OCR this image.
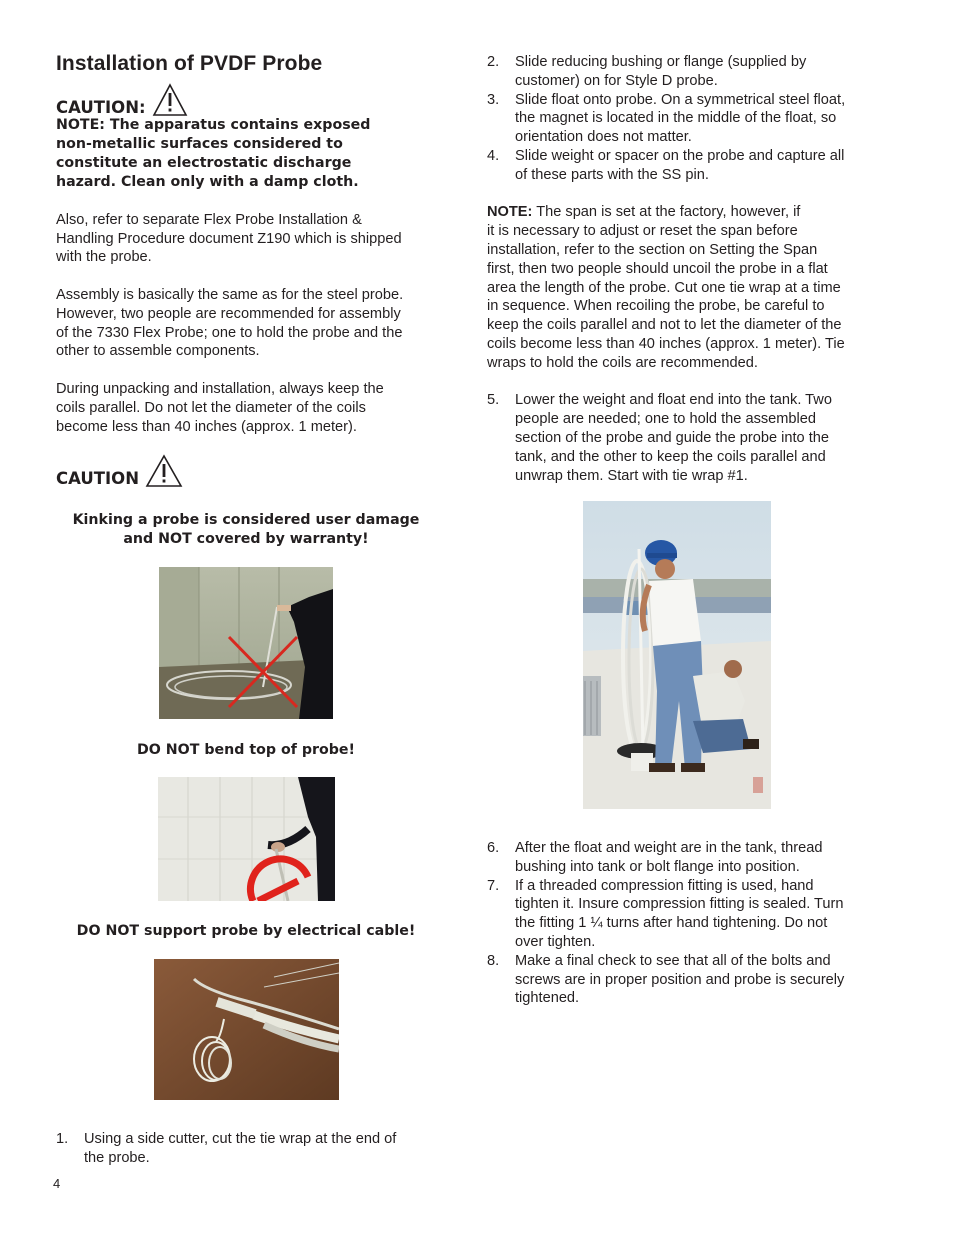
Installation of PVDF Probe
CAUTION:

NOTE: The apparatus contains exposed

non-metallic surfaces considered to

constitute an electrostatic discharge

hazard. Clean only with a damp cloth.

Also, refer to separate Flex Probe Installation &

Handling Procedure document Z190 which is shipped

with the probe.

Assembly is basically the same as for the steel probe.

However, two people are recommended for assembly

of the 7330 Flex Probe; one to hold the probe and the

other to assemble components.

During unpacking and installation, always keep the

coils parallel. Do not let the diameter of the coils

become less than 40 inches (approx. 1 meter).

CAUTION

Kinking a probe is considered user damage

and NOT covered by warranty!

DO NOT bend top of probe!

DO NOT support probe by electrical cable!

1.	Using a side cutter, cut the tie wrap at the end of
the probe.
2.	Slide reducing bushing or flange (supplied by
customer) on for Style D probe.
3.	Slide float onto probe. On a symmetrical steel float,
the magnet is located in the middle of the float, so
orientation does not matter.
4.	Slide weight or spacer on the probe and capture all
of these parts with the SS pin.

NOTE: The span is set at the factory, however, if

it is necessary to adjust or reset the span before

installation, refer to the section on Setting the Span

first, then two people should uncoil the probe in a flat

area the length of the probe. Cut one tie wrap at a time

in sequence. When recoiling the probe, be careful to

keep the coils parallel and not to let the diameter of the

coils become less than 40 inches (approx. 1 meter). Tie

wraps to hold the coils are recommended.

5.	Lower the weight and float end into the tank. Two
people are needed; one to hold the assembled
section of the probe and guide the probe into the
tank, and the other to keep the coils parallel and
unwrap them. Start with tie wrap #1.
6.	After the float and weight are in the tank, thread
bushing into tank or bolt flange into position.
7.	If a threaded compression fitting is used, hand
tighten it. Insure compression fitting is sealed. Turn
the fitting 1 ¼ turns after hand tightening. Do not
over tighten.
8.	Make a final check to see that all of the bolts and
screws are in proper position and probe is securely
tightened.
4
